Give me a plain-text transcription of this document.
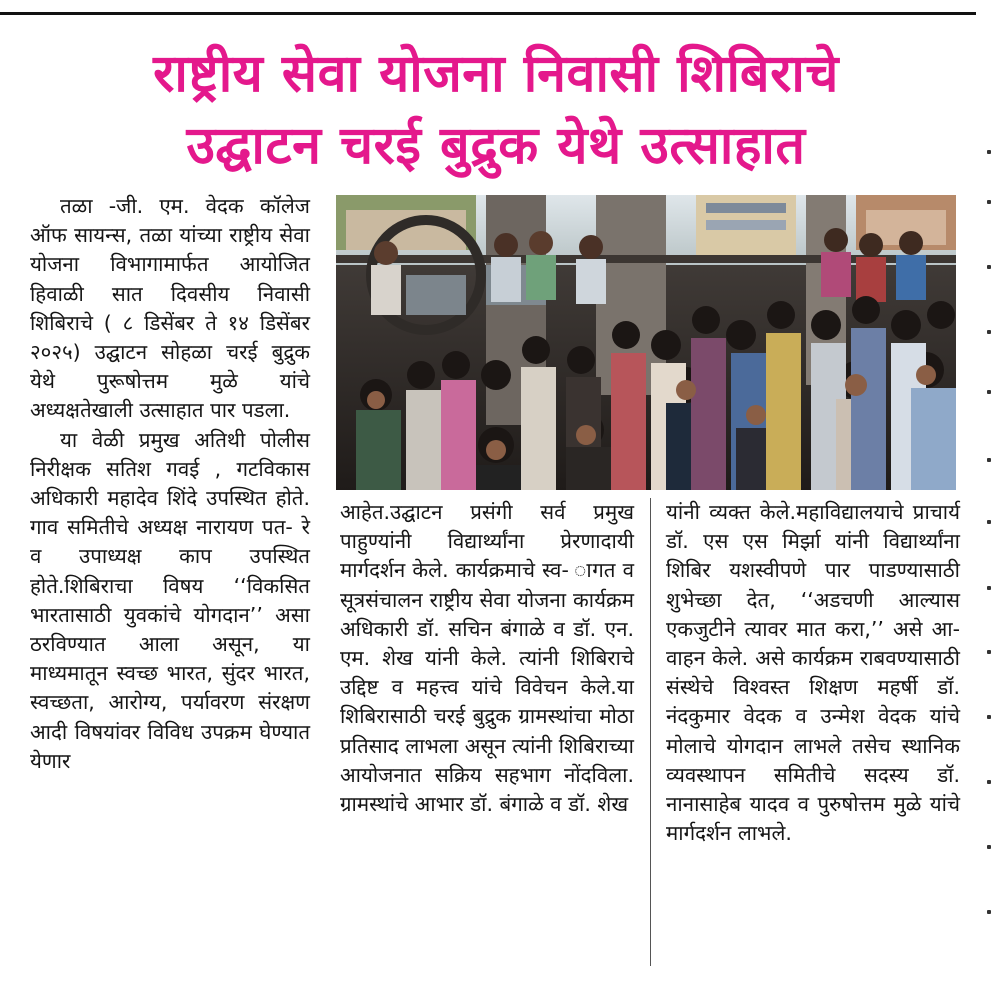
राष्ट्रीय सेवा योजना निवासी शिबिराचे
उद्घाटन चरई बुद्रुक येथे उत्साहात

तळा -जी. एम. वेदक कॉलेज ऑफ सायन्स, तळा यांच्या राष्ट्रीय सेवा योजना विभागामार्फत आयोजित हिवाळी सात दिवसीय निवासी शिबिराचे ( ८ डिसेंबर ते १४ डिसेंबर २०२५) उद्घाटन सोहळा चरई बुद्रुक येथे पुरूषोत्तम मुळे यांचे अध्यक्षतेखाली उत्साहात पार पडला.

या वेळी प्रमुख अतिथी पोलीस निरीक्षक सतिश गवई , गटविकास अधिकारी महादेव शिंदे उपस्थित होते. गाव समितीचे अध्यक्ष नारायण पत- रे व उपाध्यक्ष काप उपस्थित होते.शिबिराचा विषय ‘‘विकसित भारतासाठी युवकांचे योगदान’’ असा ठरविण्यात आला असून, या माध्यमातून स्वच्छ भारत, सुंदर भारत, स्वच्छता, आरोग्य, पर्यावरण संरक्षण आदी विषयांवर विविध उपक्रम घेण्यात येणार

आहेत.उद्घाटन प्रसंगी सर्व प्रमुख पाहुण्यांनी विद्यार्थ्यांना प्रेरणादायी मार्गदर्शन केले. कार्यक्रमाचे स्व- ागत व सूत्रसंचालन राष्ट्रीय सेवा योजना कार्यक्रम अधिकारी डॉ. सचिन बंगाळे व डॉ. एन. एम. शेख यांनी केले. त्यांनी शिबिराचे उद्दिष्ट व महत्त्व यांचे विवेचन केले.या शिबिरासाठी चरई बुद्रुक ग्रामस्थांचा मोठा प्रतिसाद लाभला असून त्यांनी शिबिराच्या आयोजनात सक्रिय सहभाग नोंदविला. ग्रामस्थांचे आभार डॉ. बंगाळे व डॉ. शेख

यांनी व्यक्त केले.महाविद्यालयाचे प्राचार्य डॉ. एस एस मिर्झा यांनी विद्यार्थ्यांना शिबिर यशस्वीपणे पार पाडण्यासाठी शुभेच्छा देत, ‘‘अडचणी आल्यास एकजुटीने त्यावर मात करा,’’ असे आ- वाहन केले. असे कार्यक्रम राबवण्यासाठी संस्थेचे विश्वस्त शिक्षण महर्षी डॉ. नंदकुमार वेदक व उन्मेश वेदक यांचे मोलाचे योगदान लाभले तसेच स्थानिक व्यवस्थापन समितीचे सदस्य डॉ. नानासाहेब यादव व पुरुषोत्तम मुळे यांचे मार्गदर्शन लाभले.
